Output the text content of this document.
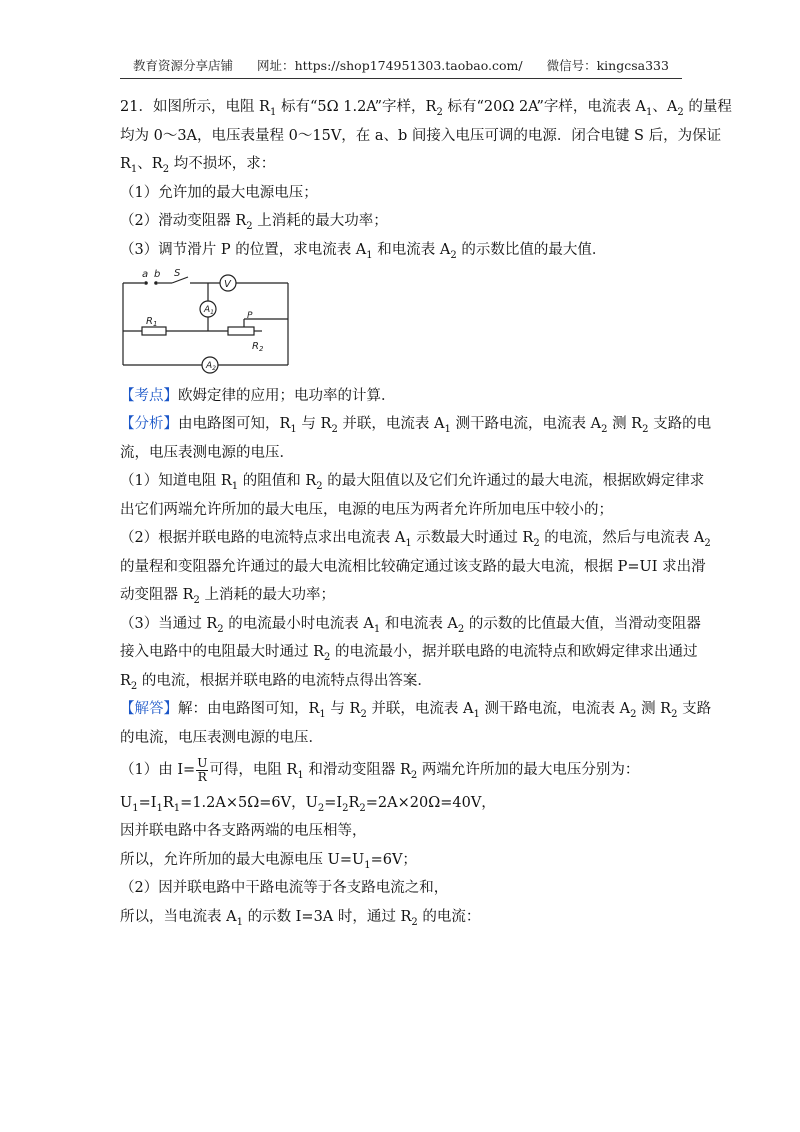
教育资源分享店铺 网址：https://shop174951303.taobao.com/ 微信号：kingcsa333

21．如图所示，电阻 $R_1$ 标有“5Ω 1.2A”字样，$R_2$ 标有“20Ω 2A”字样，电流表 $A_1$、$A_2$ 的量程

均为 0～3A，电压表量程 0～15V，在 a、b 间接入电压可调的电源．闭合电键 S 后，为保证

$R_1$、$R_2$ 均不损坏，求：

（1）允许加的最大电源电压；

（2）滑动变阻器 $R_2$ 上消耗的最大功率；

（3）调节滑片 P 的位置，求电流表 $A_1$ 和电流表 $A_2$ 的示数比值的最大值．

a b S
V
$A_1$
$R_1$
P
$R_2$
$A_2$

【考点】欧姆定律的应用；电功率的计算．

【分析】由电路图可知，$R_1$ 与 $R_2$ 并联，电流表 $A_1$ 测干路电流，电流表 $A_2$ 测 $R_2$ 支路的电

流，电压表测电源的电压．

（1）知道电阻 $R_1$ 的阻值和 $R_2$ 的最大阻值以及它们允许通过的最大电流，根据欧姆定律求

出它们两端允许所加的最大电压，电源的电压为两者允许所加电压中较小的；

（2）根据并联电路的电流特点求出电流表 $A_1$ 示数最大时通过 $R_2$ 的电流，然后与电流表 $A_2$

的量程和变阻器允许通过的最大电流相比较确定通过该支路的最大电流，根据 P=UI 求出滑

动变阻器 $R_2$ 上消耗的最大功率；

（3）当通过 $R_2$ 的电流最小时电流表 $A_1$ 和电流表 $A_2$ 的示数的比值最大值，当滑动变阻器

接入电路中的电阻最大时通过 $R_2$ 的电流最小，据并联电路的电流特点和欧姆定律求出通过

$R_2$ 的电流，根据并联电路的电流特点得出答案．

【解答】解：由电路图可知，$R_1$ 与 $R_2$ 并联，电流表 $A_1$ 测干路电流，电流表 $A_2$ 测 $R_2$ 支路

的电流，电压表测电源的电压．

（1）由 $I= \frac{U}{R}$ 可得，电阻 $R_1$ 和滑动变阻器 $R_2$ 两端允许所加的最大电压分别为：

$U_1=I_1R_1=1.2A\times 5\Omega=6V$，$U_2=I_2R_2=2A\times 20\Omega=40V$，

因并联电路中各支路两端的电压相等，

所以，允许所加的最大电源电压 $U=U_1=6V$；

（2）因并联电路中干路电流等于各支路电流之和，

所以，当电流表 $A_1$ 的示数 I=3A 时，通过 $R_2$ 的电流：
